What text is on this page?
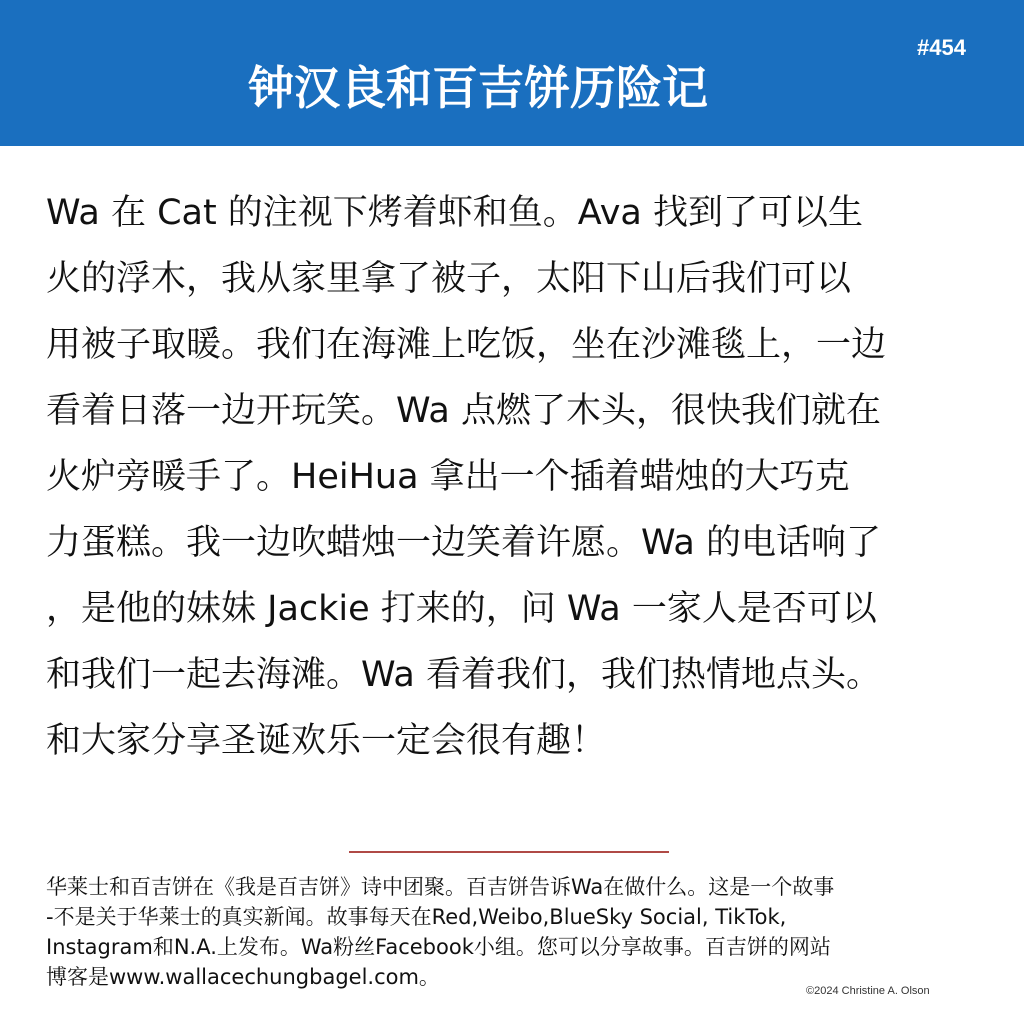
钟汉良和百吉饼历险记
#454
Wa 在 Cat 的注视下烤着虾和鱼。Ava 找到了可以生
火的浮木，我从家里拿了被子，太阳下山后我们可以
用被子取暖。我们在海滩上吃饭，坐在沙滩毯上，一边
看着日落一边开玩笑。Wa 点燃了木头，很快我们就在
火炉旁暖手了。HeiHua 拿出一个插着蜡烛的大巧克
力蛋糕。我一边吹蜡烛一边笑着许愿。Wa 的电话响了
，是他的妹妹 Jackie 打来的，问 Wa 一家人是否可以
和我们一起去海滩。Wa 看着我们，我们热情地点头。
和大家分享圣诞欢乐一定会很有趣！
华莱士和百吉饼在《我是百吉饼》诗中团聚。百吉饼告诉Wa在做什么。这是一个故事
-不是关于华莱士的真实新闻。故事每天在Red,Weibo,BlueSky Social, TikTok,
Instagram和N.A.上发布。Wa粉丝Facebook小组。您可以分享故事。百吉饼的网站
博客是www.wallacechungbagel.com。
©2024 Christine A. Olson
